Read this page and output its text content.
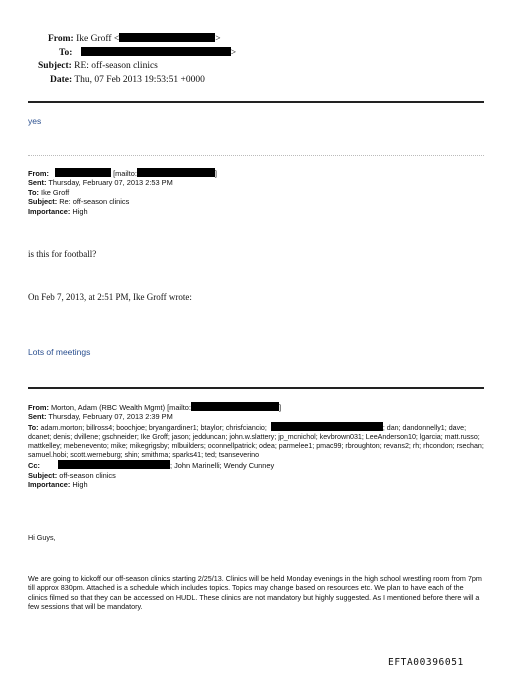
From: Ike Groff <	>
To:	>
Subject: RE: off-season clinics
Date: Thu, 07 Feb 2013 19:53:51 +0000
yes
From:	[mailto:	]
Sent: Thursday, February 07, 2013 2:53 PM
To: Ike Groff
Subject: Re: off-season clinics
Importance: High
is this for football?
On Feb 7, 2013, at 2:51 PM, Ike Groff wrote:
Lots of meetings
From: Morton, Adam (RBC Wealth Mgmt) [mailto:	]
Sent: Thursday, February 07, 2013 2:39 PM
To: adam.morton; billross4; boochjoe; bryangardiner1; btaylor; chrisfciancio;	; dan; dandonnelly1; dave; dcanet; denis; dvillene; gschneider; Ike Groff; jason; jedduncan; john.w.slattery; jp_mcnichol; kevbrown031; LeeAnderson10; lgarcia; matt.russo; mattkelley; mebenevento; mike; mikegrigsby; mlbuilders; oconnellpatrick; odea; parmelee1; pmac99; rbroughton; revans2; rh; rhcondon; rsechan; samuel.hobi; scott.werneburg; shin; smithma; sparks41; ted; tsanseverino
Cc:	; John Marinelli; Wendy Cunney
Subject: off-season clinics
Importance: High
Hi Guys,
We are going to kickoff our off-season clinics starting 2/25/13. Clinics will be held Monday evenings in the high school wrestling room from 7pm till approx 830pm. Attached is a schedule which includes topics. Topics may change based on resources etc. We plan to have each of the clinics filmed so that they can be accessed on HUDL. These clinics are not mandatory but highly suggested. As I mentioned before there will a few sessions that will be mandatory.
EFTA00396051
